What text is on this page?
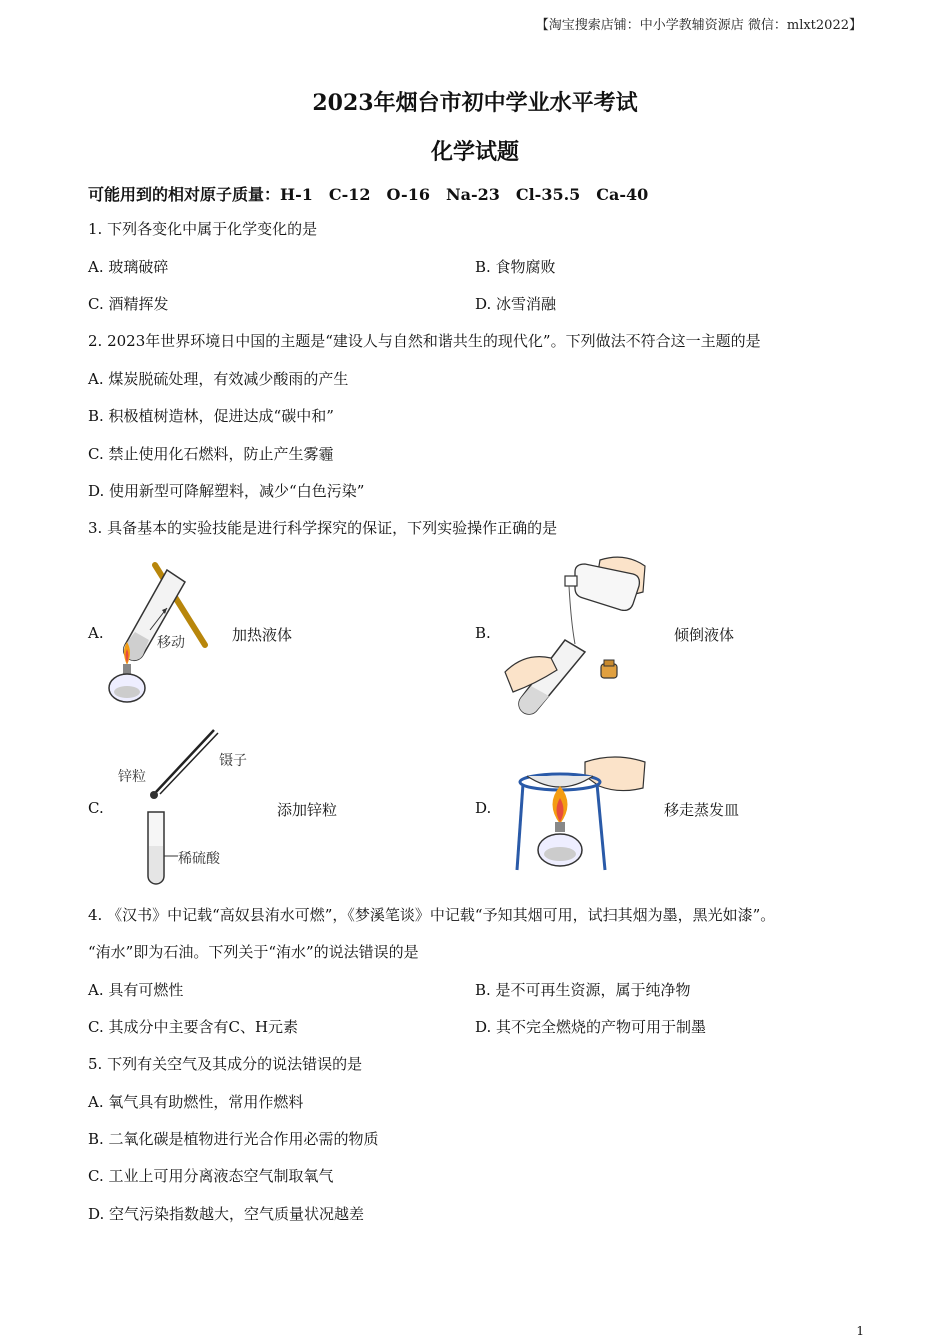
【淘宝搜索店铺：中小学教辅资源店 微信：mlxt2022】
2023年烟台市初中学业水平考试
化学试题
可能用到的相对原子质量：H-1　C-12　O-16　Na-23　Cl-35.5　Ca-40
1. 下列各变化中属于化学变化的是
A. 玻璃破碎	B. 食物腐败
C. 酒精挥发	D. 冰雪消融
2. 2023年世界环境日中国的主题是“建设人与自然和谐共生的现代化”。下列做法不符合这一主题的是
A. 煤炭脱硫处理，有效减少酸雨的产生
B. 积极植树造林，促进达成“碳中和”
C. 禁止使用化石燃料，防止产生雾霾
D. 使用新型可降解塑料，减少“白色污染”
3. 具备基本的实验技能是进行科学探究的保证，下列实验操作正确的是
A.	加热液体
移动
B.	倾倒液体
C.	添加锌粒
锌粒
镊子
稀硫酸
D.	移走蒸发皿
4. 《汉书》中记载“高奴县洧水可燃”，《梦溪笔谈》中记载“予知其烟可用，试扫其烟为墨，黑光如漆”。
“洧水”即为石油。下列关于“洧水”的说法错误的是
A. 具有可燃性	B. 是不可再生资源，属于纯净物
C. 其成分中主要含有C、H元素	D. 其不完全燃烧的产物可用于制墨
5. 下列有关空气及其成分的说法错误的是
A. 氧气具有助燃性，常用作燃料
B. 二氧化碳是植物进行光合作用必需的物质
C. 工业上可用分离液态空气制取氧气
D. 空气污染指数越大，空气质量状况越差
1
